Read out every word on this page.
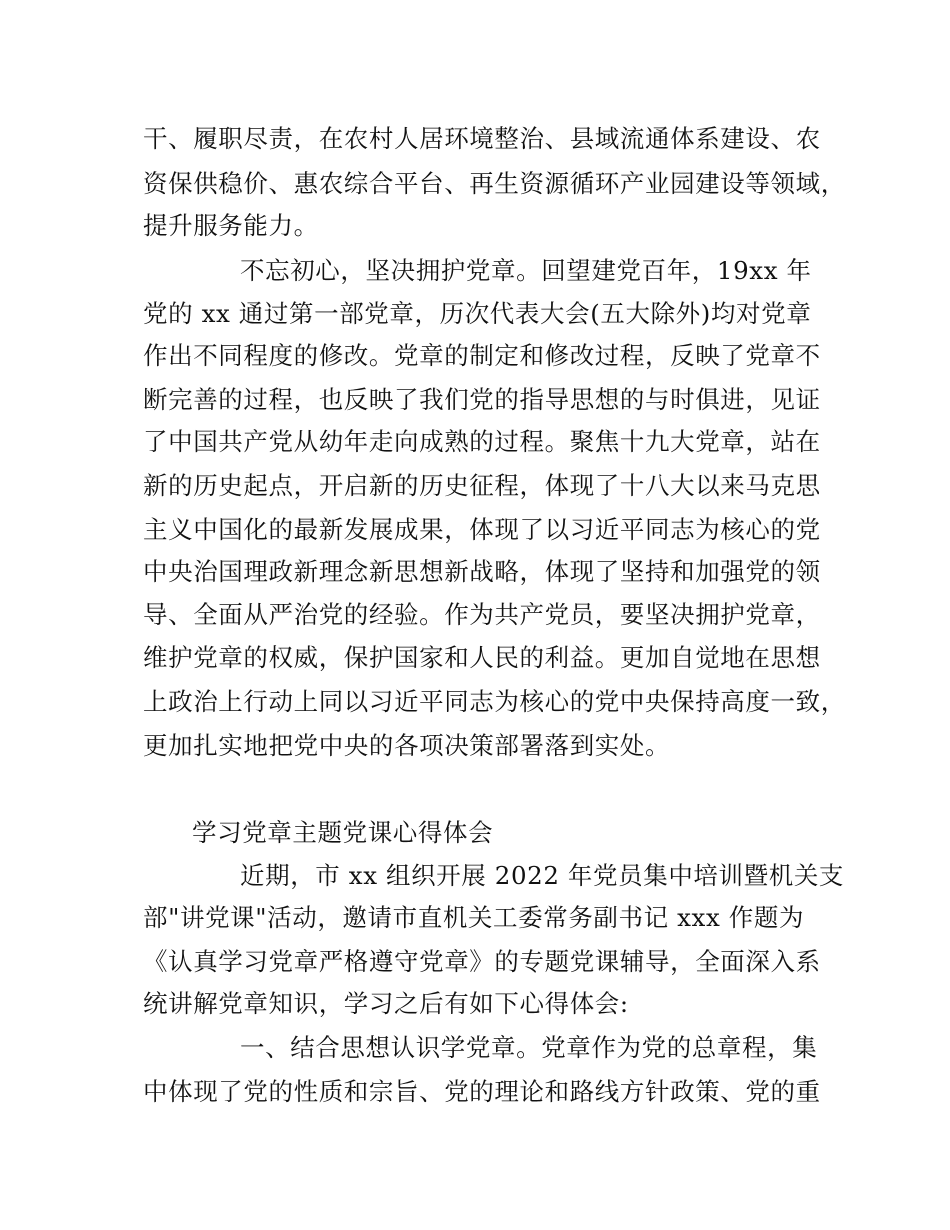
干、履职尽责，在农村人居环境整治、县域流通体系建设、农
资保供稳价、惠农综合平台、再生资源循环产业园建设等领域，
提升服务能力。
不忘初心，坚决拥护党章。回望建党百年，19xx 年
党的 xx 通过第一部党章，历次代表大会(五大除外)均对党章
作出不同程度的修改。党章的制定和修改过程，反映了党章不
断完善的过程，也反映了我们党的指导思想的与时俱进，见证
了中国共产党从幼年走向成熟的过程。聚焦十九大党章，站在
新的历史起点，开启新的历史征程，体现了十八大以来马克思
主义中国化的最新发展成果，体现了以习近平同志为核心的党
中央治国理政新理念新思想新战略，体现了坚持和加强党的领
导、全面从严治党的经验。作为共产党员，要坚决拥护党章，
维护党章的权威，保护国家和人民的利益。更加自觉地在思想
上政治上行动上同以习近平同志为核心的党中央保持高度一致，
更加扎实地把党中央的各项决策部署落到实处。
学习党章主题党课心得体会
近期，市 xx 组织开展 2022 年党员集中培训暨机关支
部"讲党课"活动，邀请市直机关工委常务副书记 xxx 作题为
《认真学习党章严格遵守党章》的专题党课辅导，全面深入系
统讲解党章知识，学习之后有如下心得体会:
一、结合思想认识学党章。党章作为党的总章程，集
中体现了党的性质和宗旨、党的理论和路线方针政策、党的重
